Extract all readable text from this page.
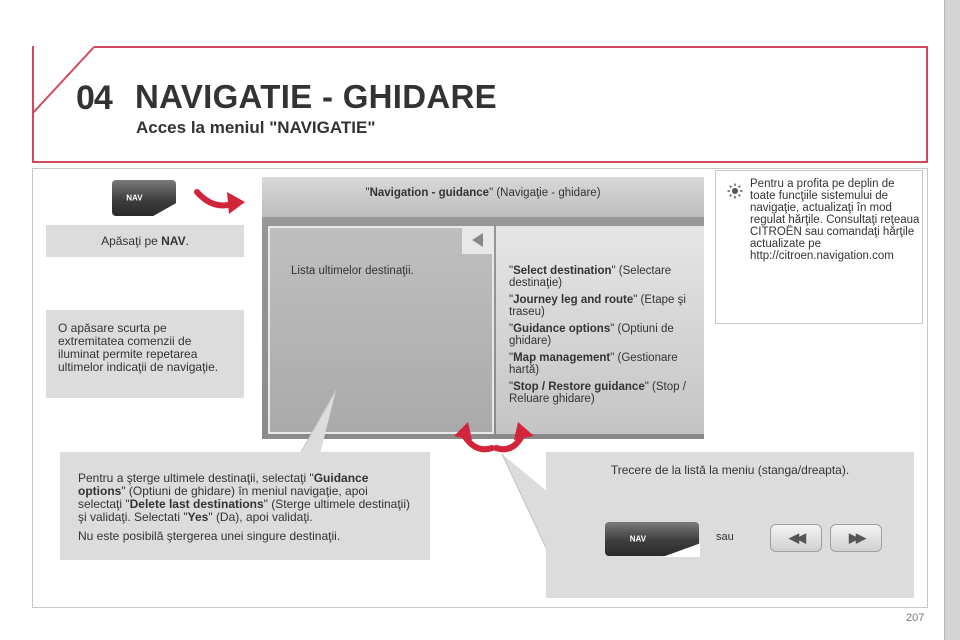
04 NAVIGATIE - GHIDARE
Acces la meniul "NAVIGATIE"
NAV
Apăsaţi pe NAV.
O apăsare scurta pe extremitatea comenzii de iluminat permite repetarea ultimelor indicaţii de navigaţie.
"Navigation - guidance" (Navigaţie - ghidare)
Lista ultimelor destinaţii.	"Select destination" (Selectare destinaţie)
"Journey leg and route" (Etape şi traseu)
"Guidance options" (Optiuni de ghidare)
"Map management" (Gestionare hartă)
"Stop / Restore guidance" (Stop / Reluare ghidare)

Pentru a şterge ultimele destinaţii, selectaţi "Guidance options" (Optiuni de ghidare) în meniul navigaţie, apoi selectaţi "Delete last destinations" (Sterge ultimele destinaţii) şi validaţi. Selectati "Yes" (Da), apoi validaţi.

Nu este posibilă ştergerea unei singure destinaţii.

Trecere de la listă la meniu (stanga/dreapta).
NAV	sau	◀◀	▶▶
Pentru a profita pe deplin de toate funcţiile sistemului de navigaţie, actualizaţi în mod regulat hărţile. Consultaţi reţeaua CITROËN sau comandaţi hărţile actualizate pe http://citroen.navigation.com
207
